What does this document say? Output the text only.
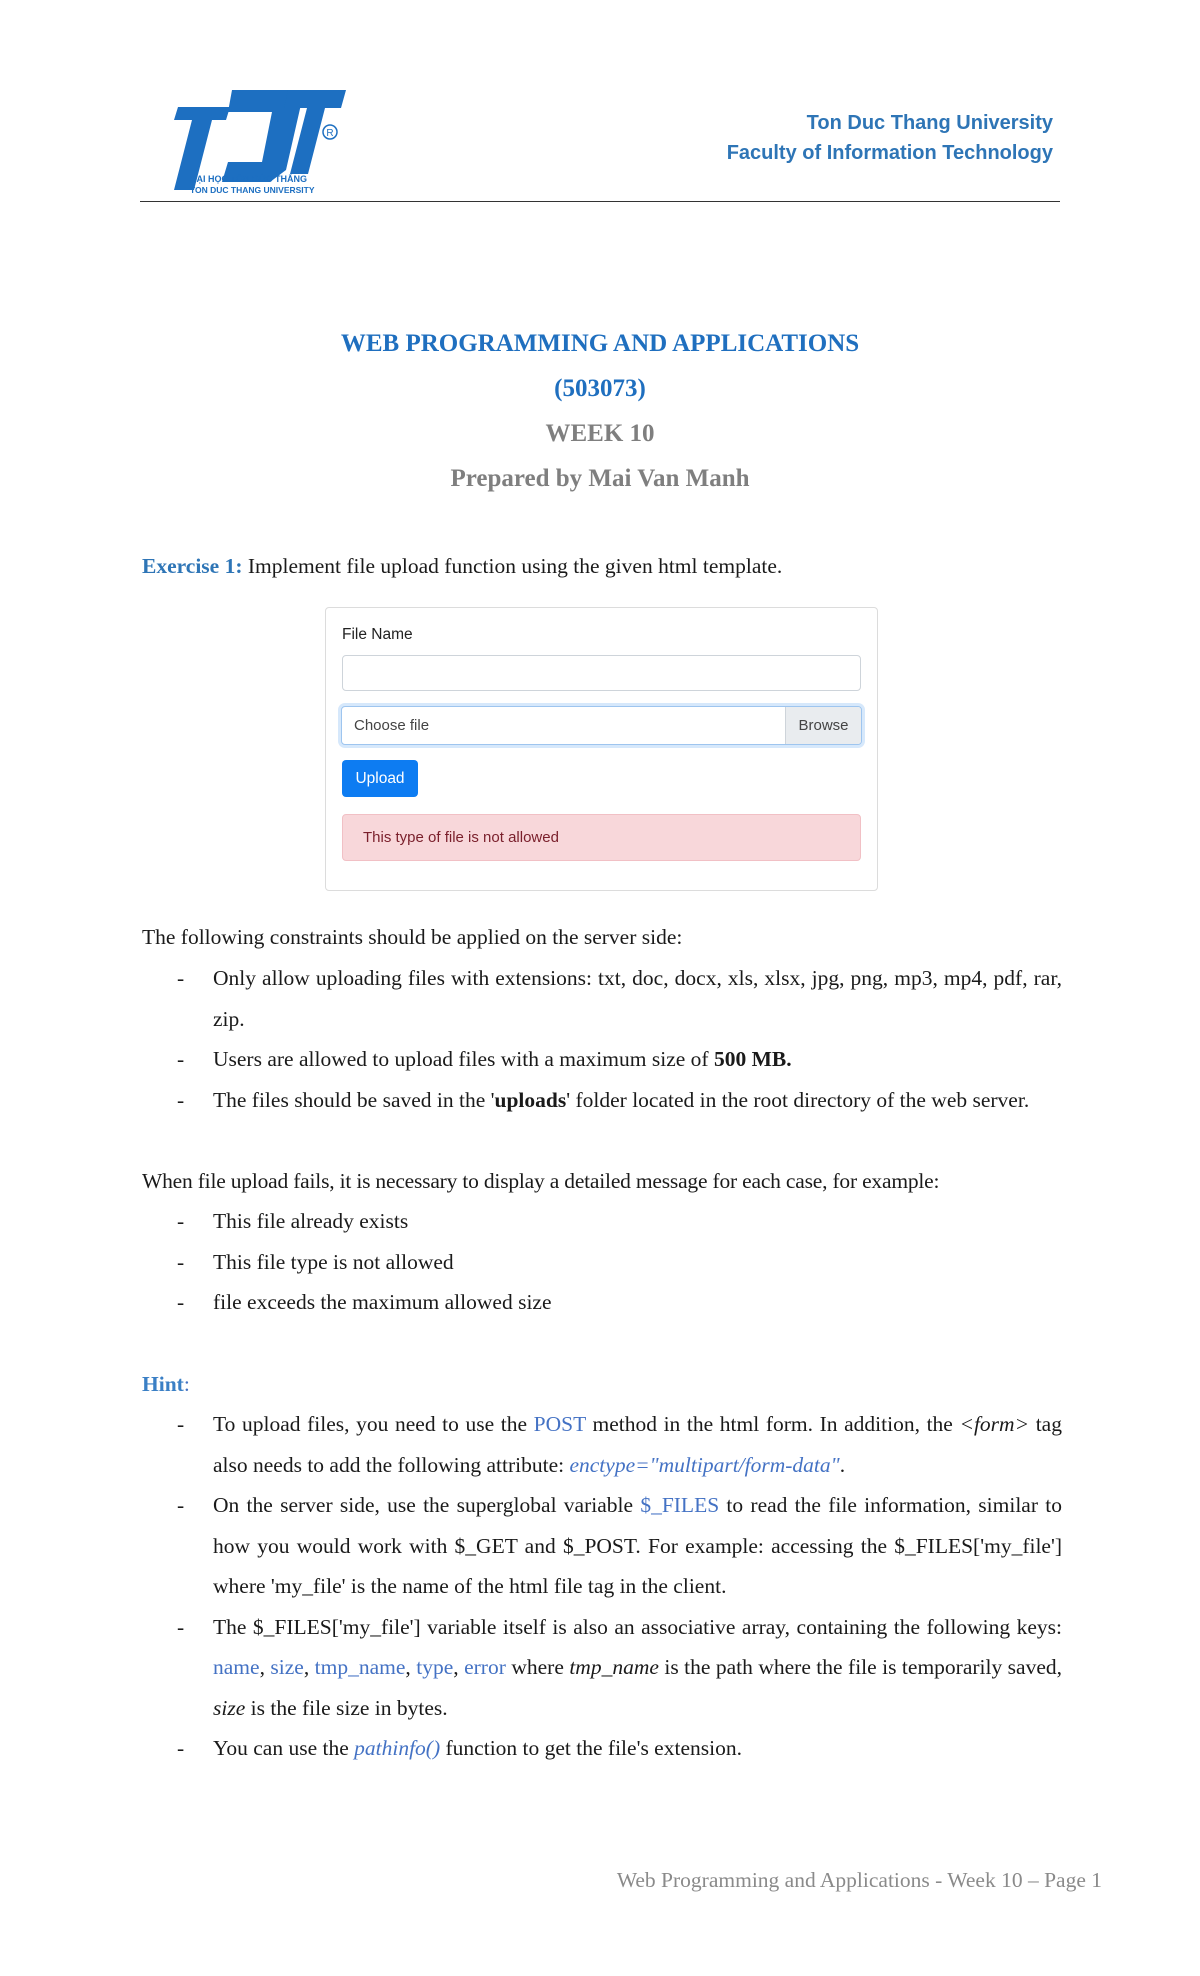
R
ĐẠI HỌC TÔN ĐỨC THẮNG
TON DUC THANG UNIVERSITY
Ton Duc Thang University
Faculty of Information Technology
WEB PROGRAMMING AND APPLICATIONS
(503073)
WEEK 10
Prepared by Mai Van Manh
Exercise 1: Implement file upload function using the given html template.
File Name
Choose file	Browse
Upload
This type of file is not allowed
The following constraints should be applied on the server side:
- Only allow uploading files with extensions: txt, doc, docx, xls, xlsx, jpg, png, mp3, mp4, pdf, rar, zip.
- Users are allowed to upload files with a maximum size of 500 MB.
- The files should be saved in the 'uploads' folder located in the root directory of the web server.
When file upload fails, it is necessary to display a detailed message for each case, for example:
- This file already exists
- This file type is not allowed
- file exceeds the maximum allowed size
Hint:
- To upload files, you need to use the POST method in the html form. In addition, the <form> tag also needs to add the following attribute: enctype="multipart/form-data".
- On the server side, use the superglobal variable $_FILES to read the file information, similar to how you would work with $_GET and $_POST. For example: accessing the $_FILES['my_file'] where 'my_file' is the name of the html file tag in the client.
- The $_FILES['my_file'] variable itself is also an associative array, containing the following keys: name, size, tmp_name, type, error where tmp_name is the path where the file is temporarily saved, size is the file size in bytes.
- You can use the pathinfo() function to get the file's extension.
Web Programming and Applications - Week 10 – Page 1
